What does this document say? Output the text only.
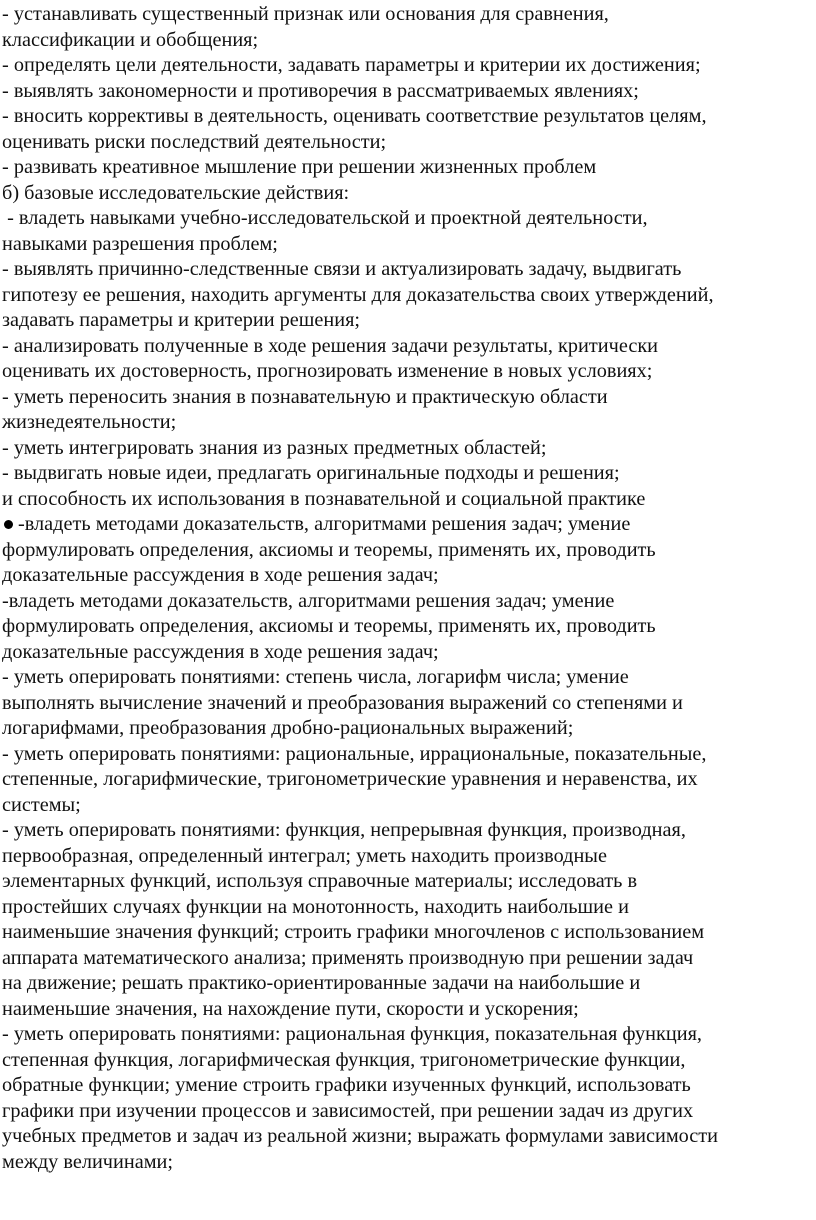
- устанавливать существенный признак или основания для сравнения,
классификации и обобщения;
- определять цели деятельности, задавать параметры и критерии их достижения;
- выявлять закономерности и противоречия в рассматриваемых явлениях;
- вносить коррективы в деятельность, оценивать соответствие результатов целям,
оценивать риски последствий деятельности;
- развивать креативное мышление при решении жизненных проблем
б) базовые исследовательские действия:
- владеть навыками учебно-исследовательской и проектной деятельности,
навыками разрешения проблем;
- выявлять причинно-следственные связи и актуализировать задачу, выдвигать
гипотезу ее решения, находить аргументы для доказательства своих утверждений,
задавать параметры и критерии решения;
- анализировать полученные в ходе решения задачи результаты, критически
оценивать их достоверность, прогнозировать изменение в новых условиях;
- уметь переносить знания в познавательную и практическую области
жизнедеятельности;
- уметь интегрировать знания из разных предметных областей;
- выдвигать новые идеи, предлагать оригинальные подходы и решения;
и способность их использования в познавательной и социальной практике
-владеть методами доказательств, алгоритмами решения задач; умение
формулировать определения, аксиомы и теоремы, применять их, проводить
доказательные рассуждения в ходе решения задач;
-владеть методами доказательств, алгоритмами решения задач; умение
формулировать определения, аксиомы и теоремы, применять их, проводить
доказательные рассуждения в ходе решения задач;
- уметь оперировать понятиями: степень числа, логарифм числа; умение
выполнять вычисление значений и преобразования выражений со степенями и
логарифмами, преобразования дробно-рациональных выражений;
- уметь оперировать понятиями: рациональные, иррациональные, показательные,
степенные, логарифмические, тригонометрические уравнения и неравенства, их
системы;
- уметь оперировать понятиями: функция, непрерывная функция, производная,
первообразная, определенный интеграл; уметь находить производные
элементарных функций, используя справочные материалы; исследовать в
простейших случаях функции на монотонность, находить наибольшие и
наименьшие значения функций; строить графики многочленов с использованием
аппарата математического анализа; применять производную при решении задач
на движение; решать практико-ориентированные задачи на наибольшие и
наименьшие значения, на нахождение пути, скорости и ускорения;
- уметь оперировать понятиями: рациональная функция, показательная функция,
степенная функция, логарифмическая функция, тригонометрические функции,
обратные функции; умение строить графики изученных функций, использовать
графики при изучении процессов и зависимостей, при решении задач из других
учебных предметов и задач из реальной жизни; выражать формулами зависимости
между величинами;
